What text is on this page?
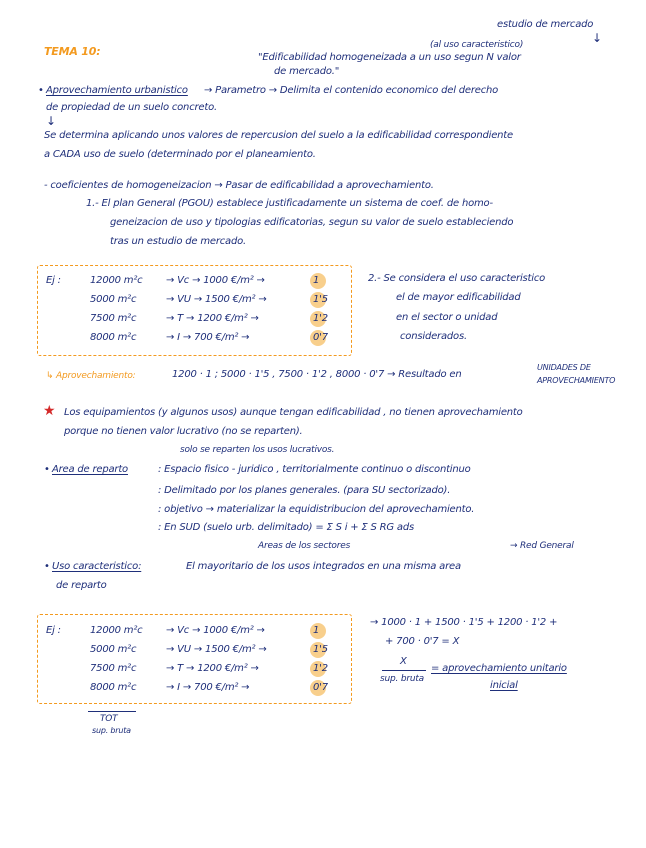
estudio de mercado
↓
(al uso caracteristico)
TEMA 10:	"Edificabilidad homogeneizada a un uso segun N valor
de mercado."
• Aprovechamiento urbanistico → Parametro → Delimita el contenido economico del derecho
de propiedad de un suelo concreto.
↓
Se determina aplicando unos valores de repercusion del suelo a la edificabilidad correspondiente
a CADA uso de suelo (determinado por el planeamiento.
- coeficientes de homogeneizacion → Pasar de edificabilidad a aprovechamiento.
1.- El plan General (PGOU) establece justificadamente un sistema de coef. de homo-
geneizacion de uso y tipologias edificatorias, segun su valor de suelo estableciendo
tras un estudio de mercado.
Ej :	12000 m²c → Vc → 1000 €/m² →	1
5000 m²c	→ VU → 1500 €/m² →	1'5
7500 m²c	→ T → 1200 €/m² →	1'2
8000 m²c	→ I → 700 €/m² →	0'7
2.- Se considera el uso caracteristico
el de mayor edificabilidad
en el sector o unidad
considerados.
↳ Aprovechamiento:	1200 · 1 ; 5000 · 1'5 , 7500 · 1'2 , 8000 · 0'7 → Resultado en
UNIDADES DE
APROVECHAMIENTO
★ Los equipamientos (y algunos usos) aunque tengan edificabilidad , no tienen aprovechamiento
porque no tienen valor lucrativo (no se reparten).
solo se reparten los usos lucrativos.
• Area de reparto	: Espacio fisico - juridico , territorialmente continuo o discontinuo
: Delimitado por los planes generales. (para SU sectorizado).
: objetivo → materializar la equidistribucion del aprovechamiento.
: En SUD (suelo urb. delimitado) = Σ S i + Σ S RG ads
Areas de los sectores	→ Red General
• Uso caracteristico:	El mayoritario de los usos integrados en una misma area
de reparto
Ej :	12000 m²c → Vc → 1000 €/m² →	1
5000 m²c	→ VU → 1500 €/m² →	1'5
7500 m²c	→ T → 1200 €/m² →	1'2
8000 m²c	→ I → 700 €/m² →	0'7
→ 1000 · 1 + 1500 · 1'5 + 1200 · 1'2 +
+ 700 · 0'7 = X
X
sup. bruta
= aprovechamiento unitario
inicial
TOT
sup. bruta
